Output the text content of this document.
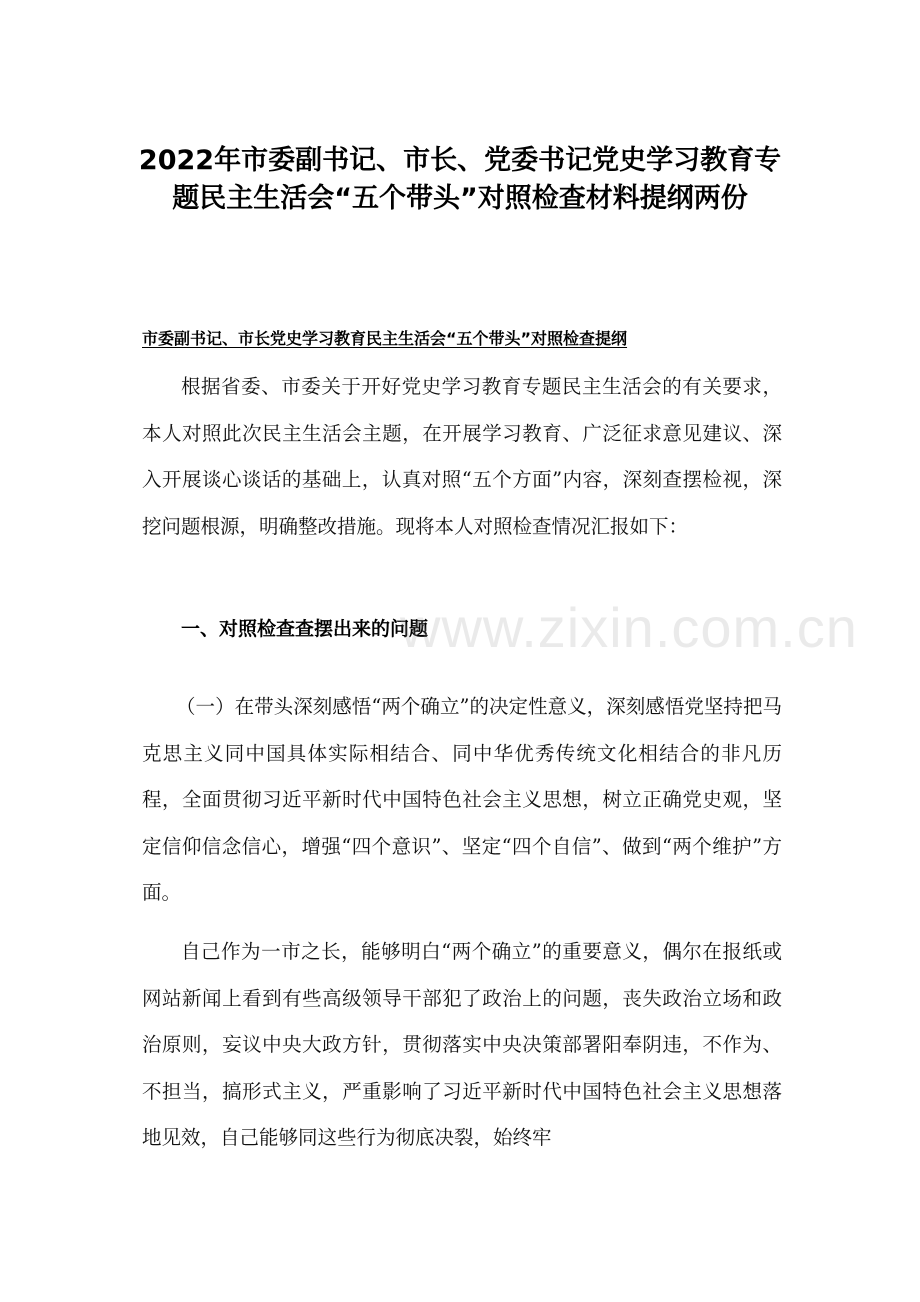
2022年市委副书记、市长、党委书记党史学习教育专
题民主生活会“五个带头”对照检查材料提纲两份
市委副书记、市长党史学习教育民主生活会“五个带头”对照检查提纲

根据省委、市委关于开好党史学习教育专题民主生活会的有关要求，本人对照此次民主生活会主题，在开展学习教育、广泛征求意见建议、深入开展谈心谈话的基础上，认真对照“五个方面”内容，深刻查摆检视，深挖问题根源，明确整改措施。现将本人对照检查情况汇报如下：

一、对照检查查摆出来的问题
www.zixin.com.cn

（一）在带头深刻感悟“两个确立”的决定性意义，深刻感悟党坚持把马克思主义同中国具体实际相结合、同中华优秀传统文化相结合的非凡历程，全面贯彻习近平新时代中国特色社会主义思想，树立正确党史观，坚定信仰信念信心，增强“四个意识”、坚定“四个自信”、做到“两个维护”方面。

自己作为一市之长，能够明白“两个确立”的重要意义，偶尔在报纸或网站新闻上看到有些高级领导干部犯了政治上的问题，丧失政治立场和政治原则，妄议中央大政方针，贯彻落实中央决策部署阳奉阴违，不作为、不担当，搞形式主义，严重影响了习近平新时代中国特色社会主义思想落地见效，自己能够同这些行为彻底决裂，始终牢
